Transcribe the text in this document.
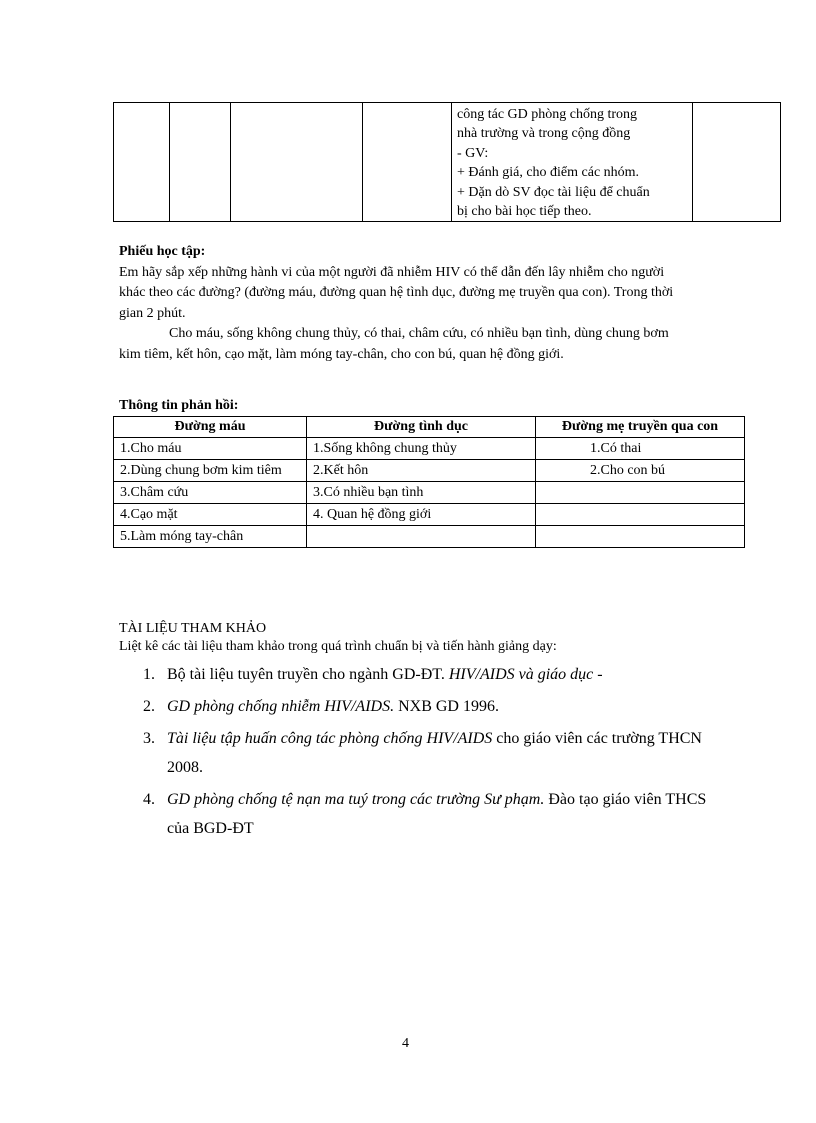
công tác GD phòng chống trong
nhà trường và trong cộng đồng
- GV:
+ Đánh giá, cho điểm các nhóm.
+ Dặn dò SV đọc tài liệu để chuẩn
bị cho bài học tiếp theo.

Phiếu học tập:
Em hãy sắp xếp những hành vi của một người đã nhiễm HIV có thể dẫn đến lây nhiễm cho người khác theo các đường? (đường máu, đường quan hệ tình dục, đường mẹ truyền qua con). Trong thời gian 2 phút.
Cho máu, sống không chung thủy, có thai, châm cứu, có nhiều bạn tình, dùng chung bơm kim tiêm, kết hôn, cạo mặt, làm móng tay-chân, cho con bú, quan hệ đồng giới.
Thông tin phản hồi:
Đường máu	Đường tình dục	Đường mẹ truyền qua con
1.Cho máu	1.Sống không chung thủy	1.Có thai
2.Dùng chung bơm kim tiêm	2.Kết hôn	2.Cho con bú
3.Châm cứu	3.Có nhiều bạn tình	
4.Cạo mặt	4. Quan hệ đồng giới	
5.Làm móng tay-chân		
TÀI LIỆU THAM KHẢO
Liệt kê các tài liệu tham khảo trong quá trình chuẩn bị và tiến hành giảng dạy:
1. Bộ tài liệu tuyên truyền cho ngành GD-ĐT. HIV/AIDS và giáo dục -
2. GD phòng chống nhiễm HIV/AIDS. NXB GD 1996.
3. Tài liệu tập huấn công tác phòng chống HIV/AIDS cho giáo viên các trường THCN 2008.
4. GD phòng chống tệ nạn ma tuý trong các trường Sư phạm. Đào tạo giáo viên THCS của BGD-ĐT
4
